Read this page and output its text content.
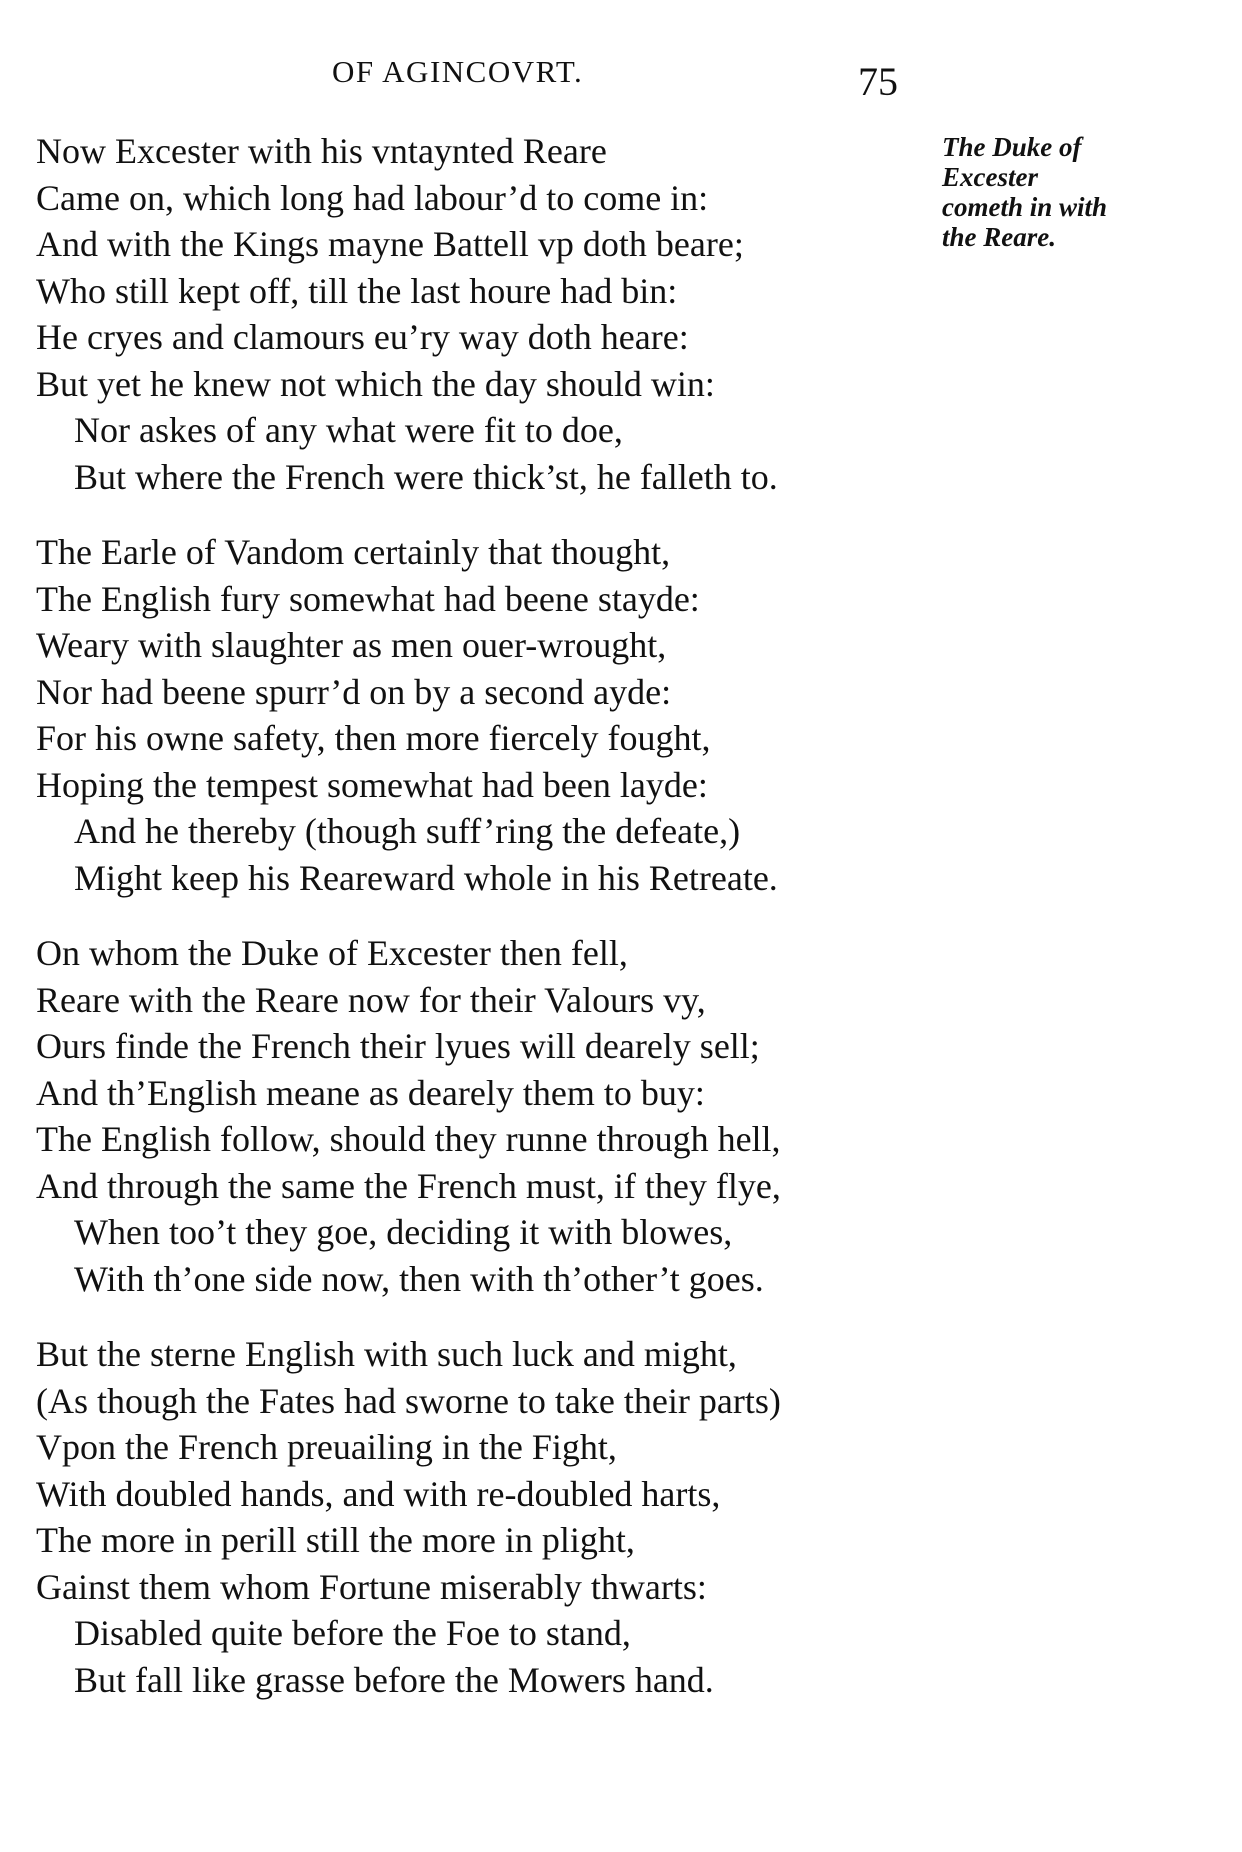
OF AGINCOVRT.	75
The Duke of
Excester
cometh in with
the Reare.
Now Excester with his vntaynted Reare
Came on, which long had labour’d to come in:
And with the Kings mayne Battell vp doth beare;
Who still kept off, till the last houre had bin:
He cryes and clamours eu’ry way doth heare:
But yet he knew not which the day should win:
Nor askes of any what were fit to doe,
But where the French were thick’st, he falleth to.
The Earle of Vandom certainly that thought,
The English fury somewhat had beene stayde:
Weary with slaughter as men ouer-wrought,
Nor had beene spurr’d on by a second ayde:
For his owne safety, then more fiercely fought,
Hoping the tempest somewhat had been layde:
And he thereby (though suff’ring the defeate,)
Might keep his Reareward whole in his Retreate.
On whom the Duke of Excester then fell,
Reare with the Reare now for their Valours vy,
Ours finde the French their lyues will dearely sell;
And th’English meane as dearely them to buy:
The English follow, should they runne through hell,
And through the same the French must, if they flye,
When too’t they goe, deciding it with blowes,
With th’one side now, then with th’other’t goes.
But the sterne English with such luck and might,
(As though the Fates had sworne to take their parts)
Vpon the French preuailing in the Fight,
With doubled hands, and with re-doubled harts,
The more in perill still the more in plight,
Gainst them whom Fortune miserably thwarts:
Disabled quite before the Foe to stand,
But fall like grasse before the Mowers hand.
